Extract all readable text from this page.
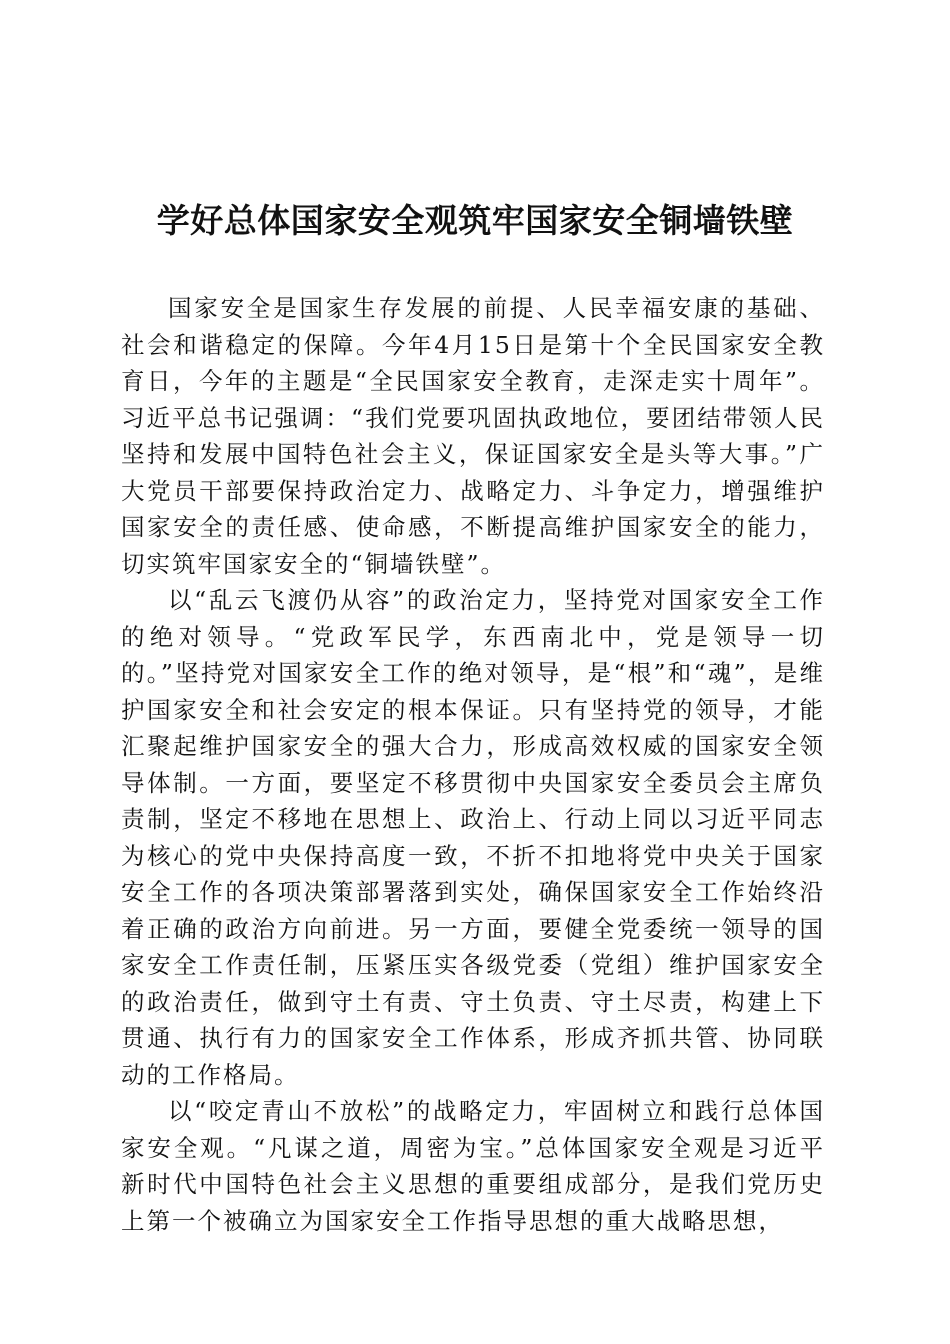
学好总体国家安全观筑牢国家安全铜墙铁壁

国家安全是国家生存发展的前提、人民幸福安康的基础、社会和谐稳定的保障。今年4月15日是第十个全民国家安全教育日，今年的主题是“全民国家安全教育，走深走实十周年”。习近平总书记强调：“我们党要巩固执政地位，要团结带领人民坚持和发展中国特色社会主义，保证国家安全是头等大事。”广大党员干部要保持政治定力、战略定力、斗争定力，增强维护国家安全的责任感、使命感，不断提高维护国家安全的能力，切实筑牢国家安全的“铜墙铁壁”。

以“乱云飞渡仍从容”的政治定力，坚持党对国家安全工作的绝对领导。“党政军民学，东西南北中，党是领导一切的。”坚持党对国家安全工作的绝对领导，是“根”和“魂”，是维护国家安全和社会安定的根本保证。只有坚持党的领导，才能汇聚起维护国家安全的强大合力，形成高效权威的国家安全领导体制。一方面，要坚定不移贯彻中央国家安全委员会主席负责制，坚定不移地在思想上、政治上、行动上同以习近平同志为核心的党中央保持高度一致，不折不扣地将党中央关于国家安全工作的各项决策部署落到实处，确保国家安全工作始终沿着正确的政治方向前进。另一方面，要健全党委统一领导的国家安全工作责任制，压紧压实各级党委（党组）维护国家安全的政治责任，做到守土有责、守土负责、守土尽责，构建上下贯通、执行有力的国家安全工作体系，形成齐抓共管、协同联动的工作格局。

以“咬定青山不放松”的战略定力，牢固树立和践行总体国家安全观。“凡谋之道，周密为宝。”总体国家安全观是习近平新时代中国特色社会主义思想的重要组成部分，是我们党历史上第一个被确立为国家安全工作指导思想的重大战略思想，
